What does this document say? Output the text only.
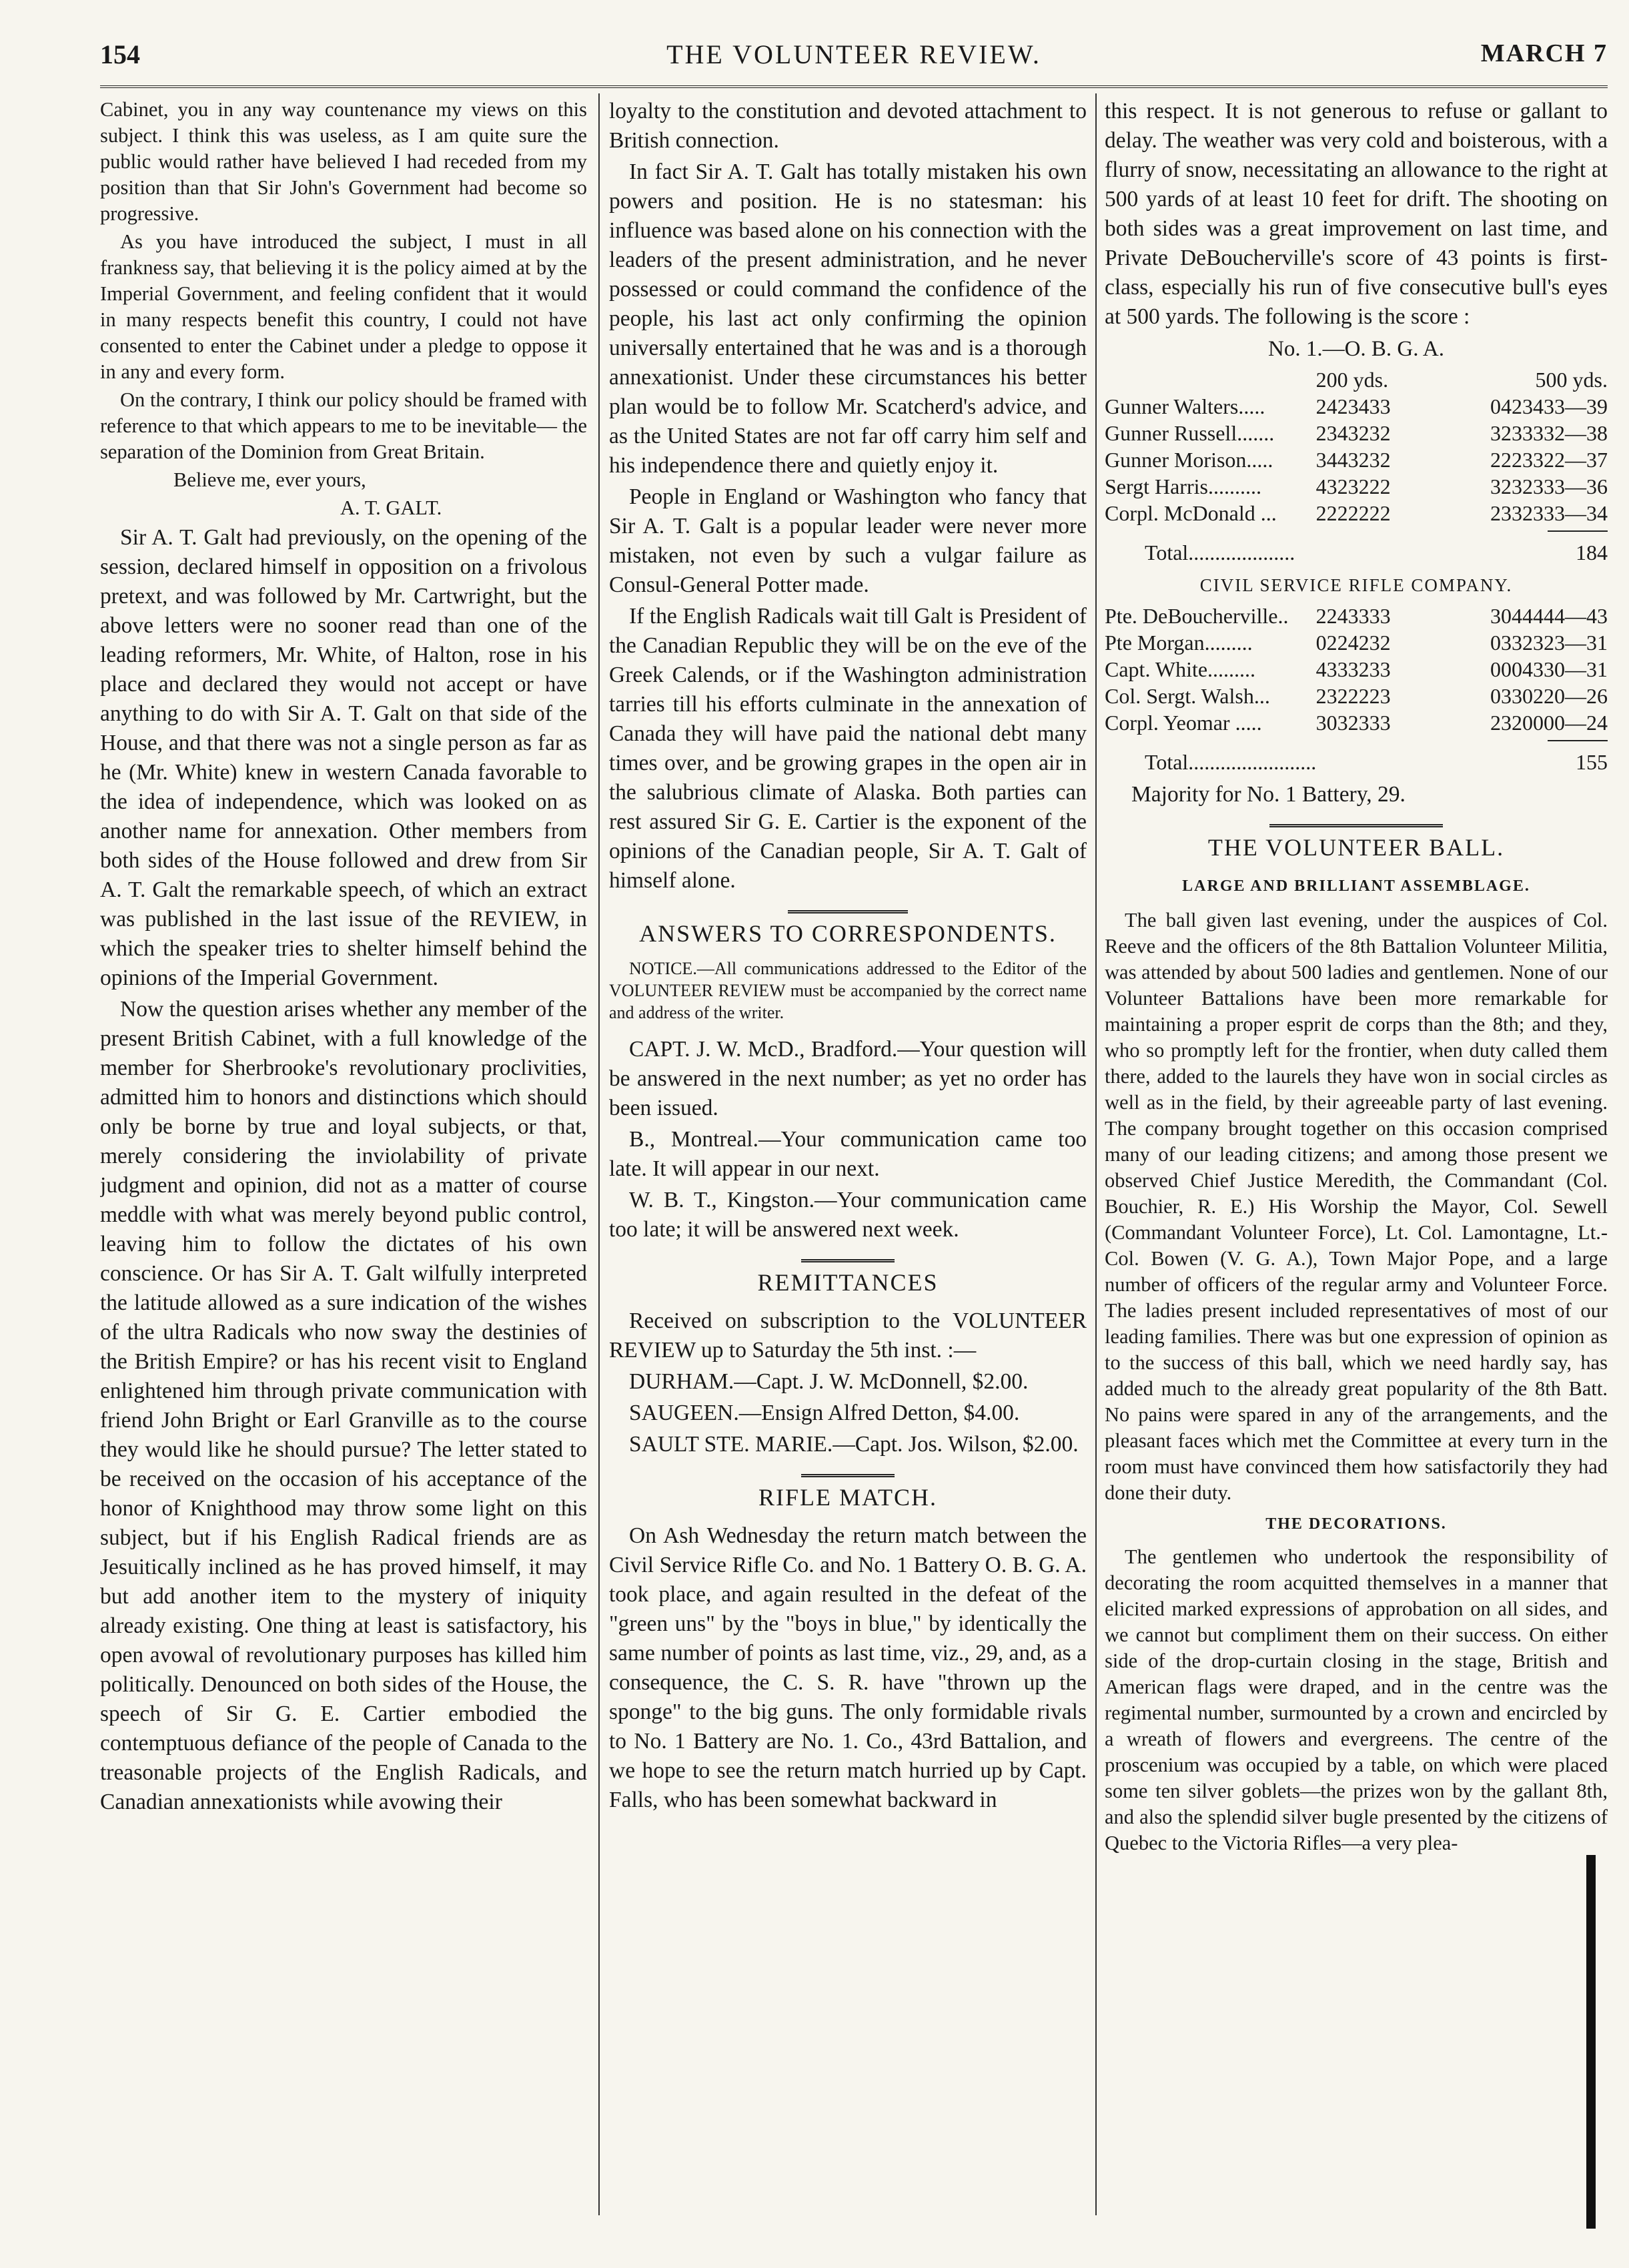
154	THE VOLUNTEER REVIEW.	MARCH 7

Cabinet, you in any way countenance my views on this subject. I think this was useless, as I am quite sure the public would rather have believed I had receded from my position than that Sir John's Government had become so progressive.

As you have introduced the subject, I must in all frankness say, that believing it is the policy aimed at by the Imperial Government, and feeling confident that it would in many respects benefit this country, I could not have consented to enter the Cabinet under a pledge to oppose it in any and every form.

On the contrary, I think our policy should be framed with reference to that which appears to me to be inevitable— the separation of the Dominion from Great Britain.

Believe me, ever yours,

A. T. GALT.

Sir A. T. Galt had previously, on the opening of the session, declared himself in opposition on a frivolous pretext, and was followed by Mr. Cartwright, but the above letters were no sooner read than one of the leading reformers, Mr. White, of Halton, rose in his place and declared they would not accept or have anything to do with Sir A. T. Galt on that side of the House, and that there was not a single person as far as he (Mr. White) knew in western Canada favorable to the idea of independence, which was looked on as another name for annexation. Other members from both sides of the House followed and drew from Sir A. T. Galt the remarkable speech, of which an extract was published in the last issue of the REVIEW, in which the speaker tries to shelter himself behind the opinions of the Imperial Government.

Now the question arises whether any member of the present British Cabinet, with a full knowledge of the member for Sherbrooke's revolutionary proclivities, admitted him to honors and distinctions which should only be borne by true and loyal subjects, or that, merely considering the inviolability of private judgment and opinion, did not as a matter of course meddle with what was merely beyond public control, leaving him to follow the dictates of his own conscience. Or has Sir A. T. Galt wilfully interpreted the latitude allowed as a sure indication of the wishes of the ultra Radicals who now sway the destinies of the British Empire? or has his recent visit to England enlightened him through private communication with friend John Bright or Earl Granville as to the course they would like he should pursue? The letter stated to be received on the occasion of his acceptance of the honor of Knighthood may throw some light on this subject, but if his English Radical friends are as Jesuitically inclined as he has proved himself, it may but add another item to the mystery of iniquity already existing. One thing at least is satisfactory, his open avowal of revolutionary purposes has killed him politically. Denounced on both sides of the House, the speech of Sir G. E. Cartier embodied the contemptuous defiance of the people of Canada to the treasonable projects of the English Radicals, and Canadian annexationists while avowing their

loyalty to the constitution and devoted attachment to British connection.

In fact Sir A. T. Galt has totally mistaken his own powers and position. He is no statesman: his influence was based alone on his connection with the leaders of the present administration, and he never possessed or could command the confidence of the people, his last act only confirming the opinion universally entertained that he was and is a thorough annexationist. Under these circumstances his better plan would be to follow Mr. Scatcherd's advice, and as the United States are not far off carry him self and his independence there and quietly enjoy it.

People in England or Washington who fancy that Sir A. T. Galt is a popular leader were never more mistaken, not even by such a vulgar failure as Consul-General Potter made.

If the English Radicals wait till Galt is President of the Canadian Republic they will be on the eve of the Greek Calends, or if the Washington administration tarries till his efforts culminate in the annexation of Canada they will have paid the national debt many times over, and be growing grapes in the open air in the salubrious climate of Alaska. Both parties can rest assured Sir G. E. Cartier is the exponent of the opinions of the Canadian people, Sir A. T. Galt of himself alone.

ANSWERS TO CORRESPONDENTS.

NOTICE.—All communications addressed to the Editor of the VOLUNTEER REVIEW must be accompanied by the correct name and address of the writer.

CAPT. J. W. McD., Bradford.—Your question will be answered in the next number; as yet no order has been issued.

B., Montreal.—Your communication came too late. It will appear in our next.

W. B. T., Kingston.—Your communication came too late; it will be answered next week.

REMITTANCES

Received on subscription to the VOLUNTEER REVIEW up to Saturday the 5th inst. :—

DURHAM.—Capt. J. W. McDonnell, $2.00.

SAUGEEN.—Ensign Alfred Detton, $4.00.

SAULT STE. MARIE.—Capt. Jos. Wilson, $2.00.

RIFLE MATCH.

On Ash Wednesday the return match between the Civil Service Rifle Co. and No. 1 Battery O. B. G. A. took place, and again resulted in the defeat of the "green uns" by the "boys in blue," by identically the same number of points as last time, viz., 29, and, as a consequence, the C. S. R. have "thrown up the sponge" to the big guns. The only formidable rivals to No. 1 Battery are No. 1. Co., 43rd Battalion, and we hope to see the return match hurried up by Capt. Falls, who has been somewhat backward in

this respect. It is not generous to refuse or gallant to delay. The weather was very cold and boisterous, with a flurry of snow, necessitating an allowance to the right at 500 yards of at least 10 feet for drift. The shooting on both sides was a great improvement on last time, and Private DeBoucherville's score of 43 points is first-class, especially his run of five consecutive bull's eyes at 500 yards. The following is the score :

No. 1.—O. B. G. A.
	200 yds.	500 yds.
Gunner Walters.....	2423433	0423433—39
Gunner Russell.......	2343232	3233332—38
Gunner Morison.....	3443232	2223322—37
Sergt Harris..........	4323222	3232333—36
Corpl. McDonald ...	2222222	2332333—34
Total....................	184
CIVIL SERVICE RIFLE COMPANY.
Pte. DeBoucherville..	2243333	3044444—43
Pte Morgan.........	0224232	0332323—31
Capt. White.........	4333233	0004330—31
Col. Sergt. Walsh...	2322223	0330220—26
Corpl. Yeomar .....	3032333	2320000—24
Total........................	155

Majority for No. 1 Battery, 29.

THE VOLUNTEER BALL.
LARGE AND BRILLIANT ASSEMBLAGE.

The ball given last evening, under the auspices of Col. Reeve and the officers of the 8th Battalion Volunteer Militia, was attended by about 500 ladies and gentlemen. None of our Volunteer Battalions have been more remarkable for maintaining a proper esprit de corps than the 8th; and they, who so promptly left for the frontier, when duty called them there, added to the laurels they have won in social circles as well as in the field, by their agreeable party of last evening. The company brought together on this occasion comprised many of our leading citizens; and among those present we observed Chief Justice Meredith, the Commandant (Col. Bouchier, R. E.) His Worship the Mayor, Col. Sewell (Commandant Volunteer Force), Lt. Col. Lamontagne, Lt.-Col. Bowen (V. G. A.), Town Major Pope, and a large number of officers of the regular army and Volunteer Force. The ladies present included representatives of most of our leading families. There was but one expression of opinion as to the success of this ball, which we need hardly say, has added much to the already great popularity of the 8th Batt. No pains were spared in any of the arrangements, and the pleasant faces which met the Committee at every turn in the room must have convinced them how satisfactorily they had done their duty.

THE DECORATIONS.

The gentlemen who undertook the responsibility of decorating the room acquitted themselves in a manner that elicited marked expressions of approbation on all sides, and we cannot but compliment them on their success. On either side of the drop-curtain closing in the stage, British and American flags were draped, and in the centre was the regimental number, surmounted by a crown and encircled by a wreath of flowers and evergreens. The centre of the proscenium was occupied by a table, on which were placed some ten silver goblets—the prizes won by the gallant 8th, and also the splendid silver bugle presented by the citizens of Quebec to the Victoria Rifles—a very plea-
